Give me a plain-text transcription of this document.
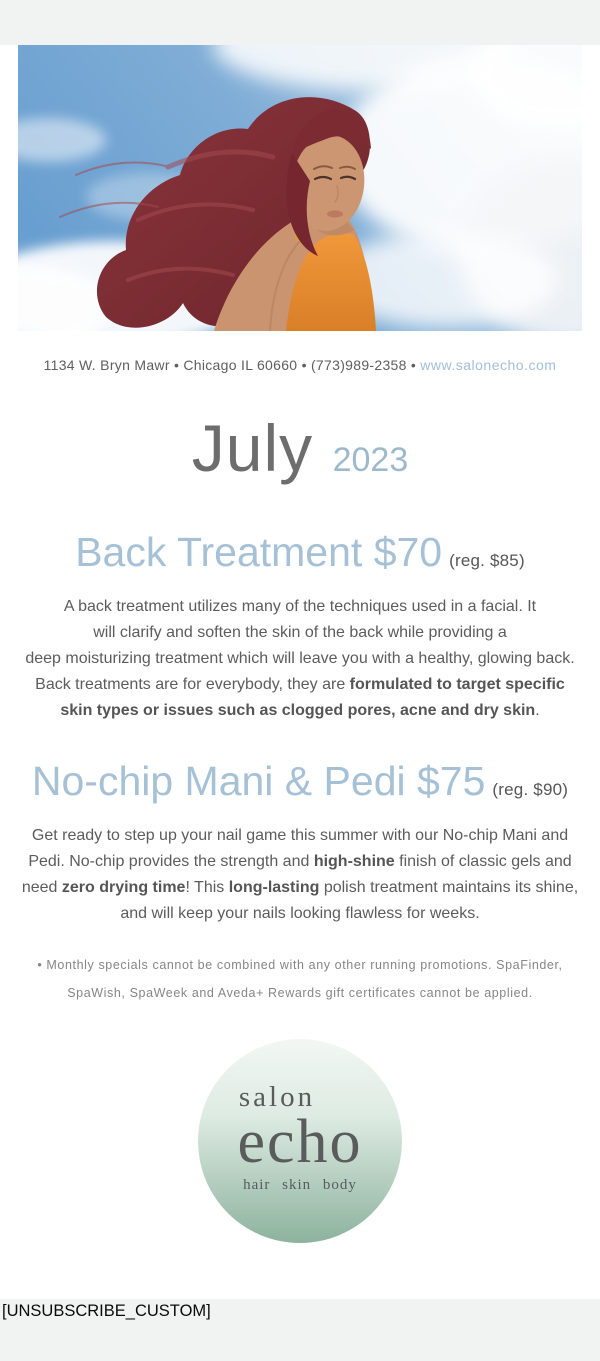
1134 W. Bryn Mawr • Chicago IL 60660 • (773)989-2358 • www.salonecho.com
July 2023
Back Treatment $70 (reg. $85)

A back treatment utilizes many of the techniques used in a facial. It
will clarify and soften the skin of the back while providing a
deep moisturizing treatment which will leave you with a healthy, glowing back.
Back treatments are for everybody, they are formulated to target specific
skin types or issues such as clogged pores, acne and dry skin.

No-chip Mani & Pedi $75 (reg. $90)

Get ready to step up your nail game this summer with our No-chip Mani and
Pedi. No-chip provides the strength and high-shine finish of classic gels and
need zero drying time! This long-lasting polish treatment maintains its shine,
and will keep your nails looking flawless for weeks.

• Monthly specials cannot be combined with any other running promotions. SpaFinder,
SpaWish, SpaWeek and Aveda+ Rewards gift certificates cannot be applied.
salon
echo
hair skin body
[UNSUBSCRIBE_CUSTOM]
